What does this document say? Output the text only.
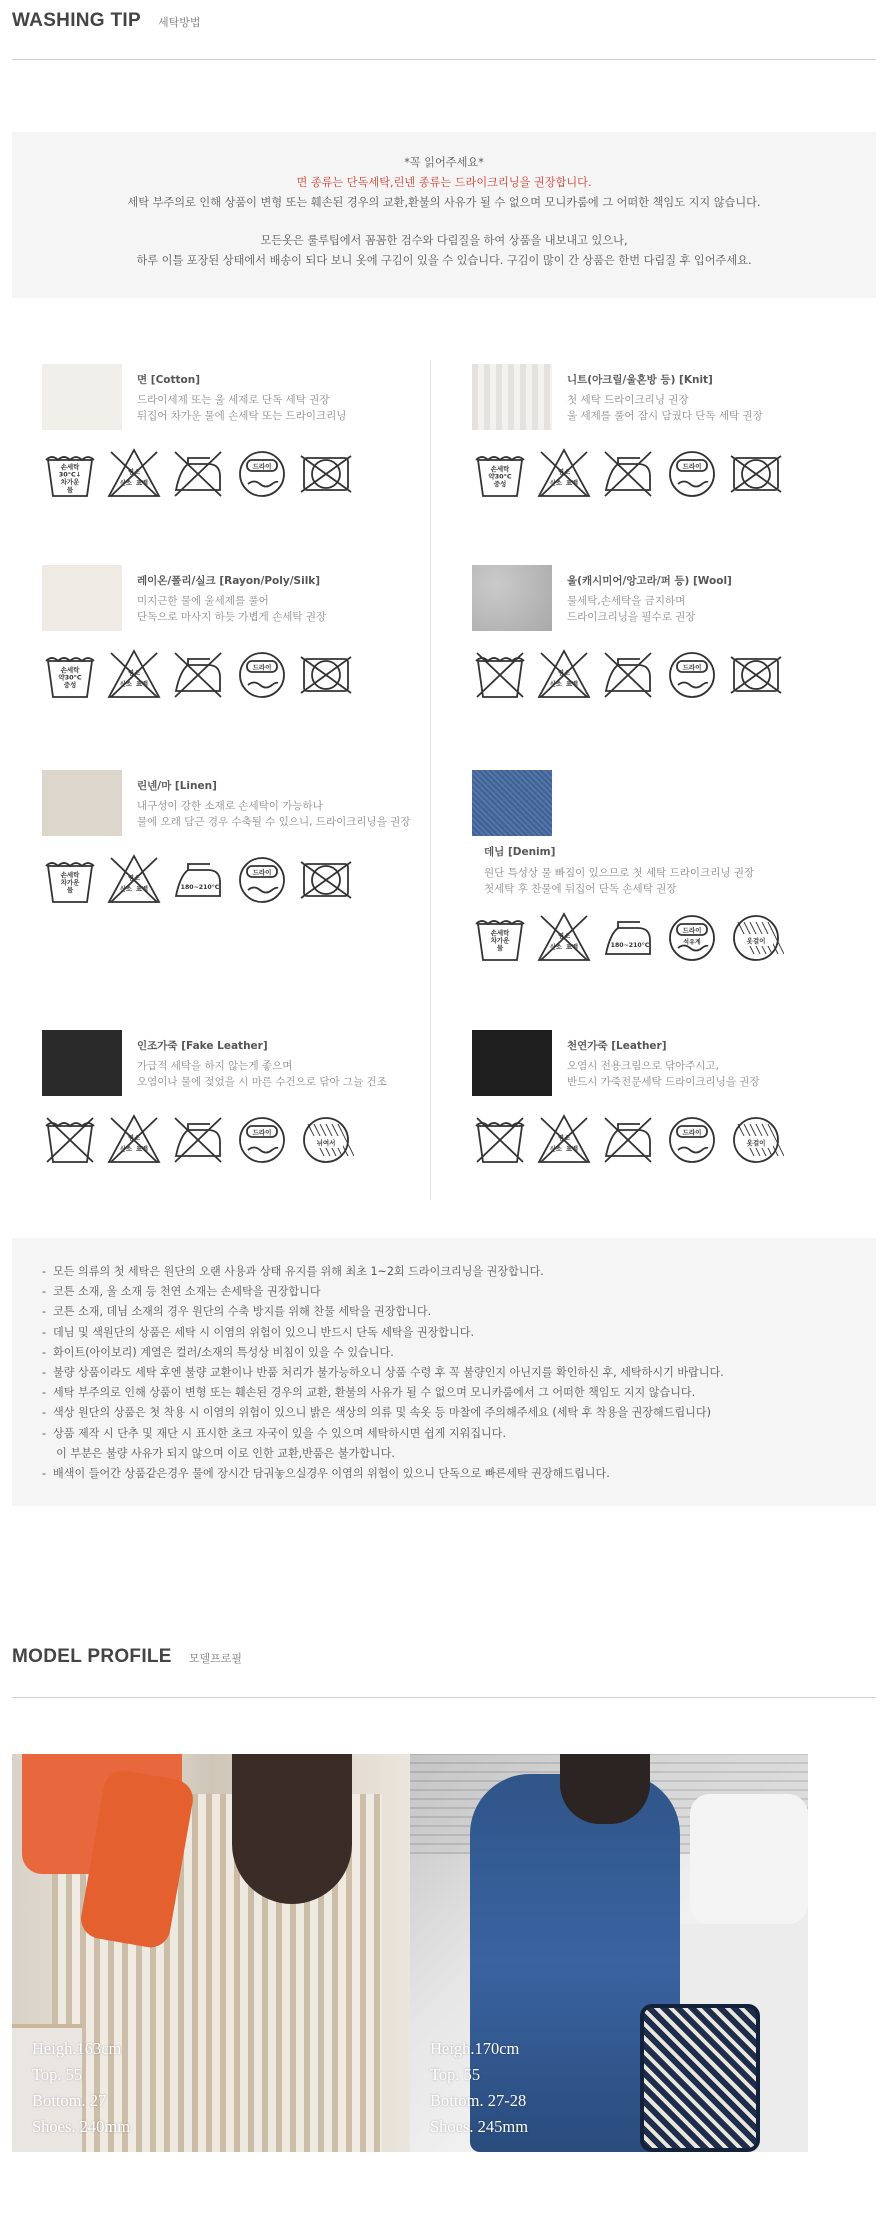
WASHING TIP 세탁방법
*꼭 읽어주세요*
면 종류는 단독세탁,린넨 종류는 드라이크리닝을 권장합니다.
세탁 부주의로 인해 상품이 변형 또는 훼손된 경우의 교환,환불의 사유가 될 수 없으며 모니카룸에 그 어떠한 책임도 지지 않습니다.
모든옷은 룰루팁에서 꼼꼼한 검수와 다림질을 하여 상품을 내보내고 있으나,
하루 이틀 포장된 상태에서 배송이 되다 보니 옷에 구김이 있을 수 있습니다. 구김이 많이 간 상품은 한번 다림질 후 입어주세요.
면 [Cotton]
드라이세제 또는 울 세제로 단독 세탁 권장
뒤집어 차가운 물에 손세탁 또는 드라이크리닝
손세탁
30°C↓
차가운
물
염소
산소 표백
드라이
니트(아크릴/울혼방 등) [Knit]
첫 세탁 드라이크리닝 권장
울 세제를 풀어 잠시 담궜다 단독 세탁 권장
손세탁
약30°C
중성
염소
산소 표백
드라이
레이온/폴리/실크 [Rayon/Poly/Silk]
미지근한 물에 울세제를 풀어
단독으로 마사지 하듯 가볍게 손세탁 권장
손세탁
약30°C
중성
염소
산소 표백
드라이
울(캐시미어/앙고라/퍼 등) [Wool]
물세탁,손세탁을 금지하며
드라이크리닝을 필수로 권장
염소
산소 표백
드라이
린넨/마 [Linen]
내구성이 강한 소재로 손세탁이 가능하나
물에 오래 담근 경우 수축될 수 있으니, 드라이크리닝을 권장
손세탁
차가운
물
염소
산소 표백	180~210°C
드라이
데님 [Denim]
원단 특성상 물 빠짐이 있으므로 첫 세탁 드라이크리닝 권장
첫세탁 후 찬물에 뒤집어 단독 손세탁 권장
손세탁
차가운
물
염소
산소 표백	180~210°C
드라이
석유계	옷걸이
인조가죽 [Fake Leather]
가급적 세탁을 하지 않는게 좋으며
오염이나 물에 젖었을 시 마른 수건으로 닦아 그늘 건조
염소
산소 표백
드라이
뉘여서
천연가죽 [Leather]
오염시 전용크림으로 닦아주시고,
반드시 가죽전문세탁 드라이크리닝을 권장
염소
산소 표백
드라이
옷걸이
-  모든 의류의 첫 세탁은 원단의 오랜 사용과 상태 유지를 위해 최초 1~2회 드라이크리닝을 권장합니다.
-  코튼 소재, 울 소재 등 천연 소재는 손세탁을 권장합니다
-  코튼 소재, 데님 소재의 경우 원단의 수축 방지를 위해 찬물 세탁을 권장합니다.
-  데님 및 색원단의 상품은 세탁 시 이염의 위험이 있으니 반드시 단독 세탁을 권장합니다.
-  화이트(아이보리) 계열은 컬러/소재의 특성상 비침이 있을 수 있습니다.
-  불량 상품이라도 세탁 후엔 불량 교환이나 반품 처리가 불가능하오니 상품 수령 후 꼭 불량인지 아닌지를 확인하신 후, 세탁하시기 바랍니다.
-  세탁 부주의로 인해 상품이 변형 또는 훼손된 경우의 교환, 환불의 사유가 될 수 없으며 모니카룸에서 그 어떠한 책임도 지지 않습니다.
-  색상 원단의 상품은 첫 착용 시 이염의 위험이 있으니 밝은 색상의 의류 및 속옷 등 마찰에 주의해주세요 (세탁 후 착용을 권장해드립니다)
-  상품 제작 시 단추 및 재단 시 표시한 초크 자국이 있을 수 있으며 세탁하시면 쉽게 지워집니다.
이 부분은 불량 사유가 되지 않으며 이로 인한 교환,반품은 불가합니다.
-  배색이 들어간 상품같은경우 물에 장시간 담궈놓으실경우 이염의 위험이 있으니 단독으로 빠른세탁 권장해드립니다.
MODEL PROFILE 모델프로필
Heigh.163cm
Top. 55
Bottom. 27
Shoes. 240mm
Heigh.170cm
Top. 55
Bottom. 27-28
Shoes. 245mm
